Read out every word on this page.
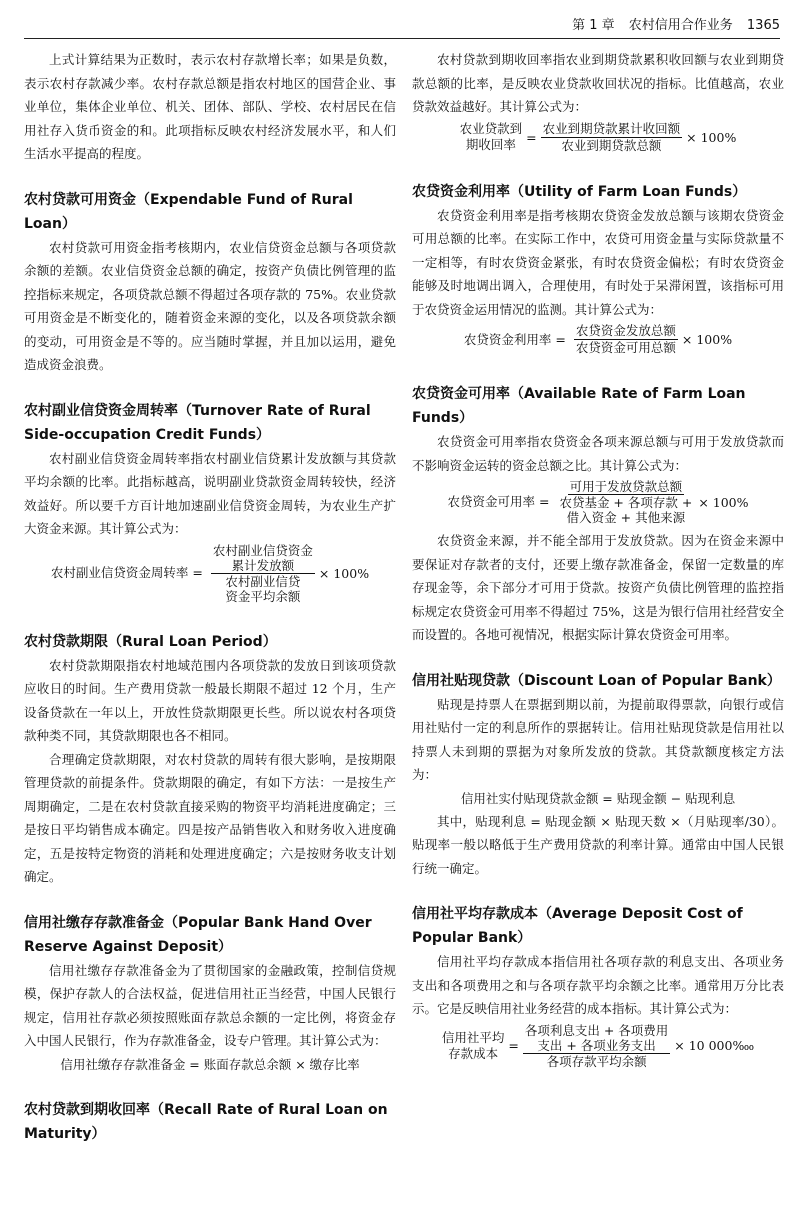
第 1 章 农村信用合作业务 1365

上式计算结果为正数时，表示农村存款增长率；如果是负数，表示农村存款减少率。农村存款总额是指农村地区的国营企业、事业单位，集体企业单位、机关、团体、部队、学校、农村居民在信用社存入货币资金的和。此项指标反映农村经济发展水平，和人们生活水平提高的程度。

农村贷款可用资金（Expendable Fund of Rural Loan）

农村贷款可用资金指考核期内，农业信贷资金总额与各项贷款余额的差额。农业信贷资金总额的确定，按资产负债比例管理的监控指标来规定，各项贷款总额不得超过各项存款的 75%。农业贷款可用资金是不断变化的，随着资金来源的变化，以及各项贷款余额的变动，可用资金是不等的。应当随时掌握，并且加以运用，避免造成资金浪费。

农村副业信贷资金周转率（Turnover Rate of Rural Side-occupation Credit Funds）

农村副业信贷资金周转率指农村副业信贷累计发放额与其贷款平均余额的比率。此指标越高，说明副业贷款资金周转较快，经济效益好。所以要千方百计地加速副业信贷资金周转，为农业生产扩大资金来源。其计算公式为：

农村副业信贷资金周转率 =
农村副业信贷资金
累计发放额
农村副业信贷
资金平均余额
× 100%
农村贷款期限（Rural Loan Period）

农村贷款期限指农村地域范围内各项贷款的发放日到该项贷款应收日的时间。生产费用贷款一般最长期限不超过 12 个月，生产设备贷款在一年以上，开放性贷款期限更长些。所以说农村各项贷款种类不同，其贷款期限也各不相同。

合理确定贷款期限，对农村贷款的周转有很大影响，是按期限管理贷款的前提条件。贷款期限的确定，有如下方法：一是按生产周期确定，二是在农村贷款直接采购的物资平均消耗进度确定；三是按日平均销售成本确定。四是按产品销售收入和财务收入进度确定，五是按特定物资的消耗和处理进度确定；六是按财务收支计划确定。

信用社缴存存款准备金（Popular Bank Hand Over Reserve Against Deposit）

信用社缴存存款准备金为了贯彻国家的金融政策，控制信贷规模，保护存款人的合法权益，促进信用社正当经营，中国人民银行规定，信用社存款必须按照账面存款总余额的一定比例，将资金存入中国人民银行，作为存款准备金，设专户管理。其计算公式为：

信用社缴存存款准备金 = 账面存款总余额 × 缴存比率
农村贷款到期收回率（Recall Rate of Rural Loan on Maturity）

农村贷款到期收回率指农业到期贷款累积收回额与农业到期贷款总额的比率，是反映农业贷款收回状况的指标。比值越高，农业贷款效益越好。其计算公式为：

农业贷款到
期收回率 = $\frac{\text{农业到期贷款累计收回额}}{\text{农业到期贷款总额}} \times 100\%$
农贷资金利用率（Utility of Farm Loan Funds）

农贷资金利用率是指考核期农贷资金发放总额与该期农贷资金可用总额的比率。在实际工作中，农贷可用资金量与实际贷款量不一定相等，有时农贷资金紧张，有时农贷资金偏松；有时农贷资金能够及时地调出调入，合理使用，有时处于呆滞闲置，该指标可用于农贷资金运用情况的监测。其计算公式为：

农贷资金利用率 = $\frac{\text{农贷资金发放总额}}{\text{农贷资金可用总额}} \times 100\%$
农贷资金可用率（Available Rate of Farm Loan Funds）

农贷资金可用率指农贷资金各项来源总额与可用于发放贷款而不影响资金运转的资金总额之比。其计算公式为：

农贷资金可用率 =
可用于发放贷款总额
农贷基金 + 各项存款 +
借入资金 + 其他来源
× 100%

农贷资金来源，并不能全部用于发放贷款。因为在资金来源中要保证对存款者的支付，还要上缴存款准备金，保留一定数量的库存现金等，余下部分才可用于贷款。按资产负债比例管理的监控指标规定农贷资金可用率不得超过 75%，这是为银行信用社经营安全而设置的。各地可视情况，根据实际计算农贷资金可用率。

信用社贴现贷款（Discount Loan of Popular Bank）

贴现是持票人在票据到期以前，为提前取得票款，向银行或信用社贴付一定的利息所作的票据转让。信用社贴现贷款是信用社以持票人未到期的票据为对象所发放的贷款。其贷款额度核定方法为：

信用社实付贴现贷款金额 = 贴现金额 − 贴现利息

其中，贴现利息 = 贴现金额 × 贴现天数 ×（月贴现率/30）。贴现率一般以略低于生产费用贷款的利率计算。通常由中国人民银行统一确定。

信用社平均存款成本（Average Deposit Cost of Popular Bank）

信用社平均存款成本指信用社各项存款的利息支出、各项业务支出和各项费用之和与各项存款平均余额之比率。通常用万分比表示。它是反映信用社业务经营的成本指标。其计算公式为：

信用社平均
存款成本 =
各项利息支出 + 各项费用
支出 + 各项业务支出
各项存款平均余额
× 10 000‱
